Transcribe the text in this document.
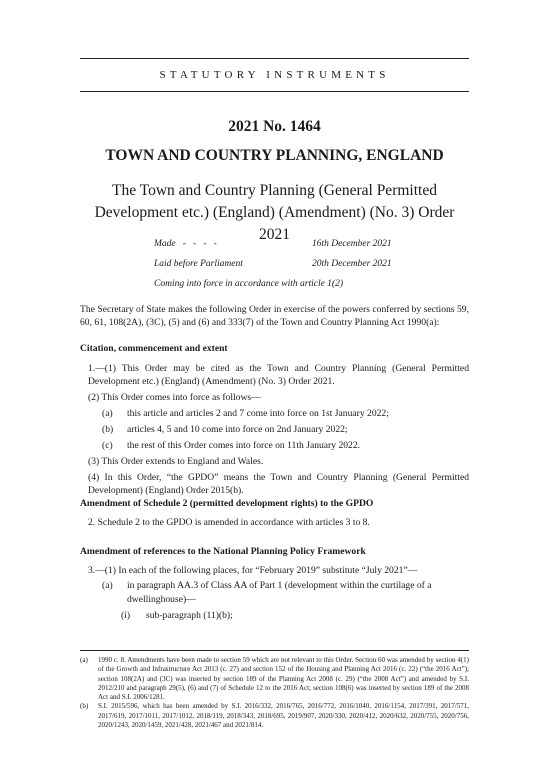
STATUTORY INSTRUMENTS
2021 No. 1464
TOWN AND COUNTRY PLANNING, ENGLAND
The Town and Country Planning (General Permitted
Development etc.) (England) (Amendment) (No. 3) Order 2021
Made   -   -   -   -	16th December 2021
Laid before Parliament	20th December 2021
Coming into force in accordance with article 1(2)

The Secretary of State makes the following Order in exercise of the powers conferred by sections 59, 60, 61, 108(2A), (3C), (5) and (6) and 333(7) of the Town and Country Planning Act 1990(a):

Citation, commencement and extent

1.—(1) This Order may be cited as the Town and Country Planning (General Permitted Development etc.) (England) (Amendment) (No. 3) Order 2021.

(2) This Order comes into force as follows—

(a) this article and articles 2 and 7 come into force on 1st January 2022;
(b) articles 4, 5 and 10 come into force on 2nd January 2022;
(c) the rest of this Order comes into force on 11th January 2022.

(3) This Order extends to England and Wales.

(4) In this Order, “the GPDO” means the Town and Country Planning (General Permitted Development) (England) Order 2015(b).

Amendment of Schedule 2 (permitted development rights) to the GPDO

2. Schedule 2 to the GPDO is amended in accordance with articles 3 to 8.

Amendment of references to the National Planning Policy Framework

3.—(1) In each of the following places, for “February 2019” substitute “July 2021”—

(a) in paragraph AA.3 of Class AA of Part 1 (development within the curtilage of a dwellinghouse)—
(i) sub-paragraph (11)(b);
(a) 1990 c. 8. Amendments have been made to section 59 which are not relevant to this Order. Section 60 was amended by section 4(1) of the Growth and Infrastructure Act 2013 (c. 27) and section 152 of the Housing and Planning Act 2016 (c. 22) (“the 2016 Act”); section 108(2A) and (3C) was inserted by section 189 of the Planning Act 2008 (c. 29) (“the 2008 Act”) and amended by S.I. 2012/210 and paragraph 29(5), (6) and (7) of Schedule 12 to the 2016 Act; section 108(6) was inserted by section 189 of the 2008 Act and S.I. 2006/1281.
(b) S.I. 2015/596, which has been amended by S.I. 2016/332, 2016/765, 2016/772, 2016/1040, 2016/1154, 2017/391, 2017/571, 2017/619, 2017/1011, 2017/1012, 2018/119, 2018/343, 2018/695, 2019/907, 2020/330, 2020/412, 2020/632, 2020/755, 2020/756, 2020/1243, 2020/1459, 2021/428, 2021/467 and 2021/814.
